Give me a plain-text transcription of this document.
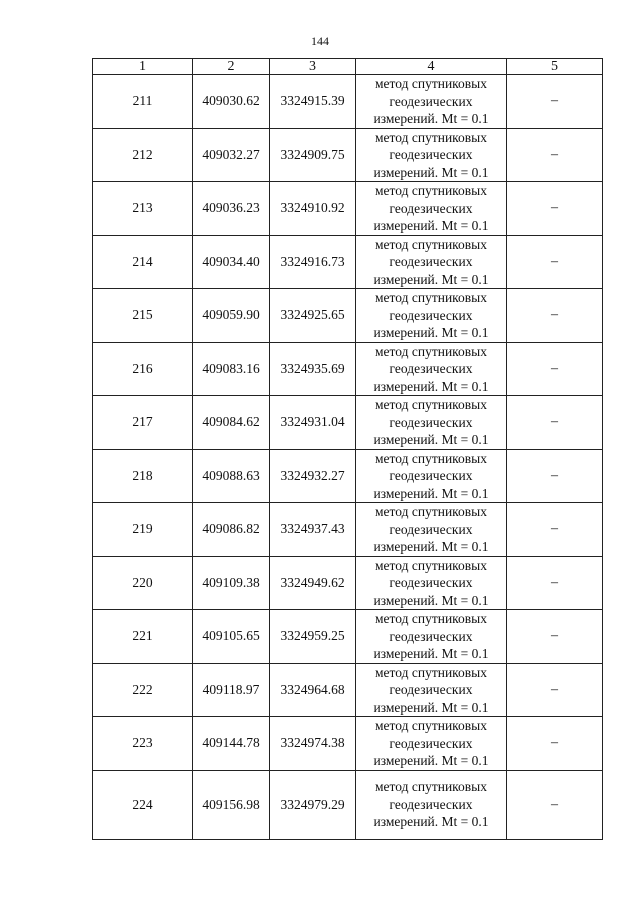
144
1	2	3	4	5
211	409030.62	3324915.39	метод спутниковых
геодезических
измерений. Mt = 0.1	–
212	409032.27	3324909.75	метод спутниковых
геодезических
измерений. Mt = 0.1	–
213	409036.23	3324910.92	метод спутниковых
геодезических
измерений. Mt = 0.1	–
214	409034.40	3324916.73	метод спутниковых
геодезических
измерений. Mt = 0.1	–
215	409059.90	3324925.65	метод спутниковых
геодезических
измерений. Mt = 0.1	–
216	409083.16	3324935.69	метод спутниковых
геодезических
измерений. Mt = 0.1	–
217	409084.62	3324931.04	метод спутниковых
геодезических
измерений. Mt = 0.1	–
218	409088.63	3324932.27	метод спутниковых
геодезических
измерений. Mt = 0.1	–
219	409086.82	3324937.43	метод спутниковых
геодезических
измерений. Mt = 0.1	–
220	409109.38	3324949.62	метод спутниковых
геодезических
измерений. Mt = 0.1	–
221	409105.65	3324959.25	метод спутниковых
геодезических
измерений. Mt = 0.1	–
222	409118.97	3324964.68	метод спутниковых
геодезических
измерений. Mt = 0.1	–
223	409144.78	3324974.38	метод спутниковых
геодезических
измерений. Mt = 0.1	–
224	409156.98	3324979.29	метод спутниковых
геодезических
измерений. Mt = 0.1	–
